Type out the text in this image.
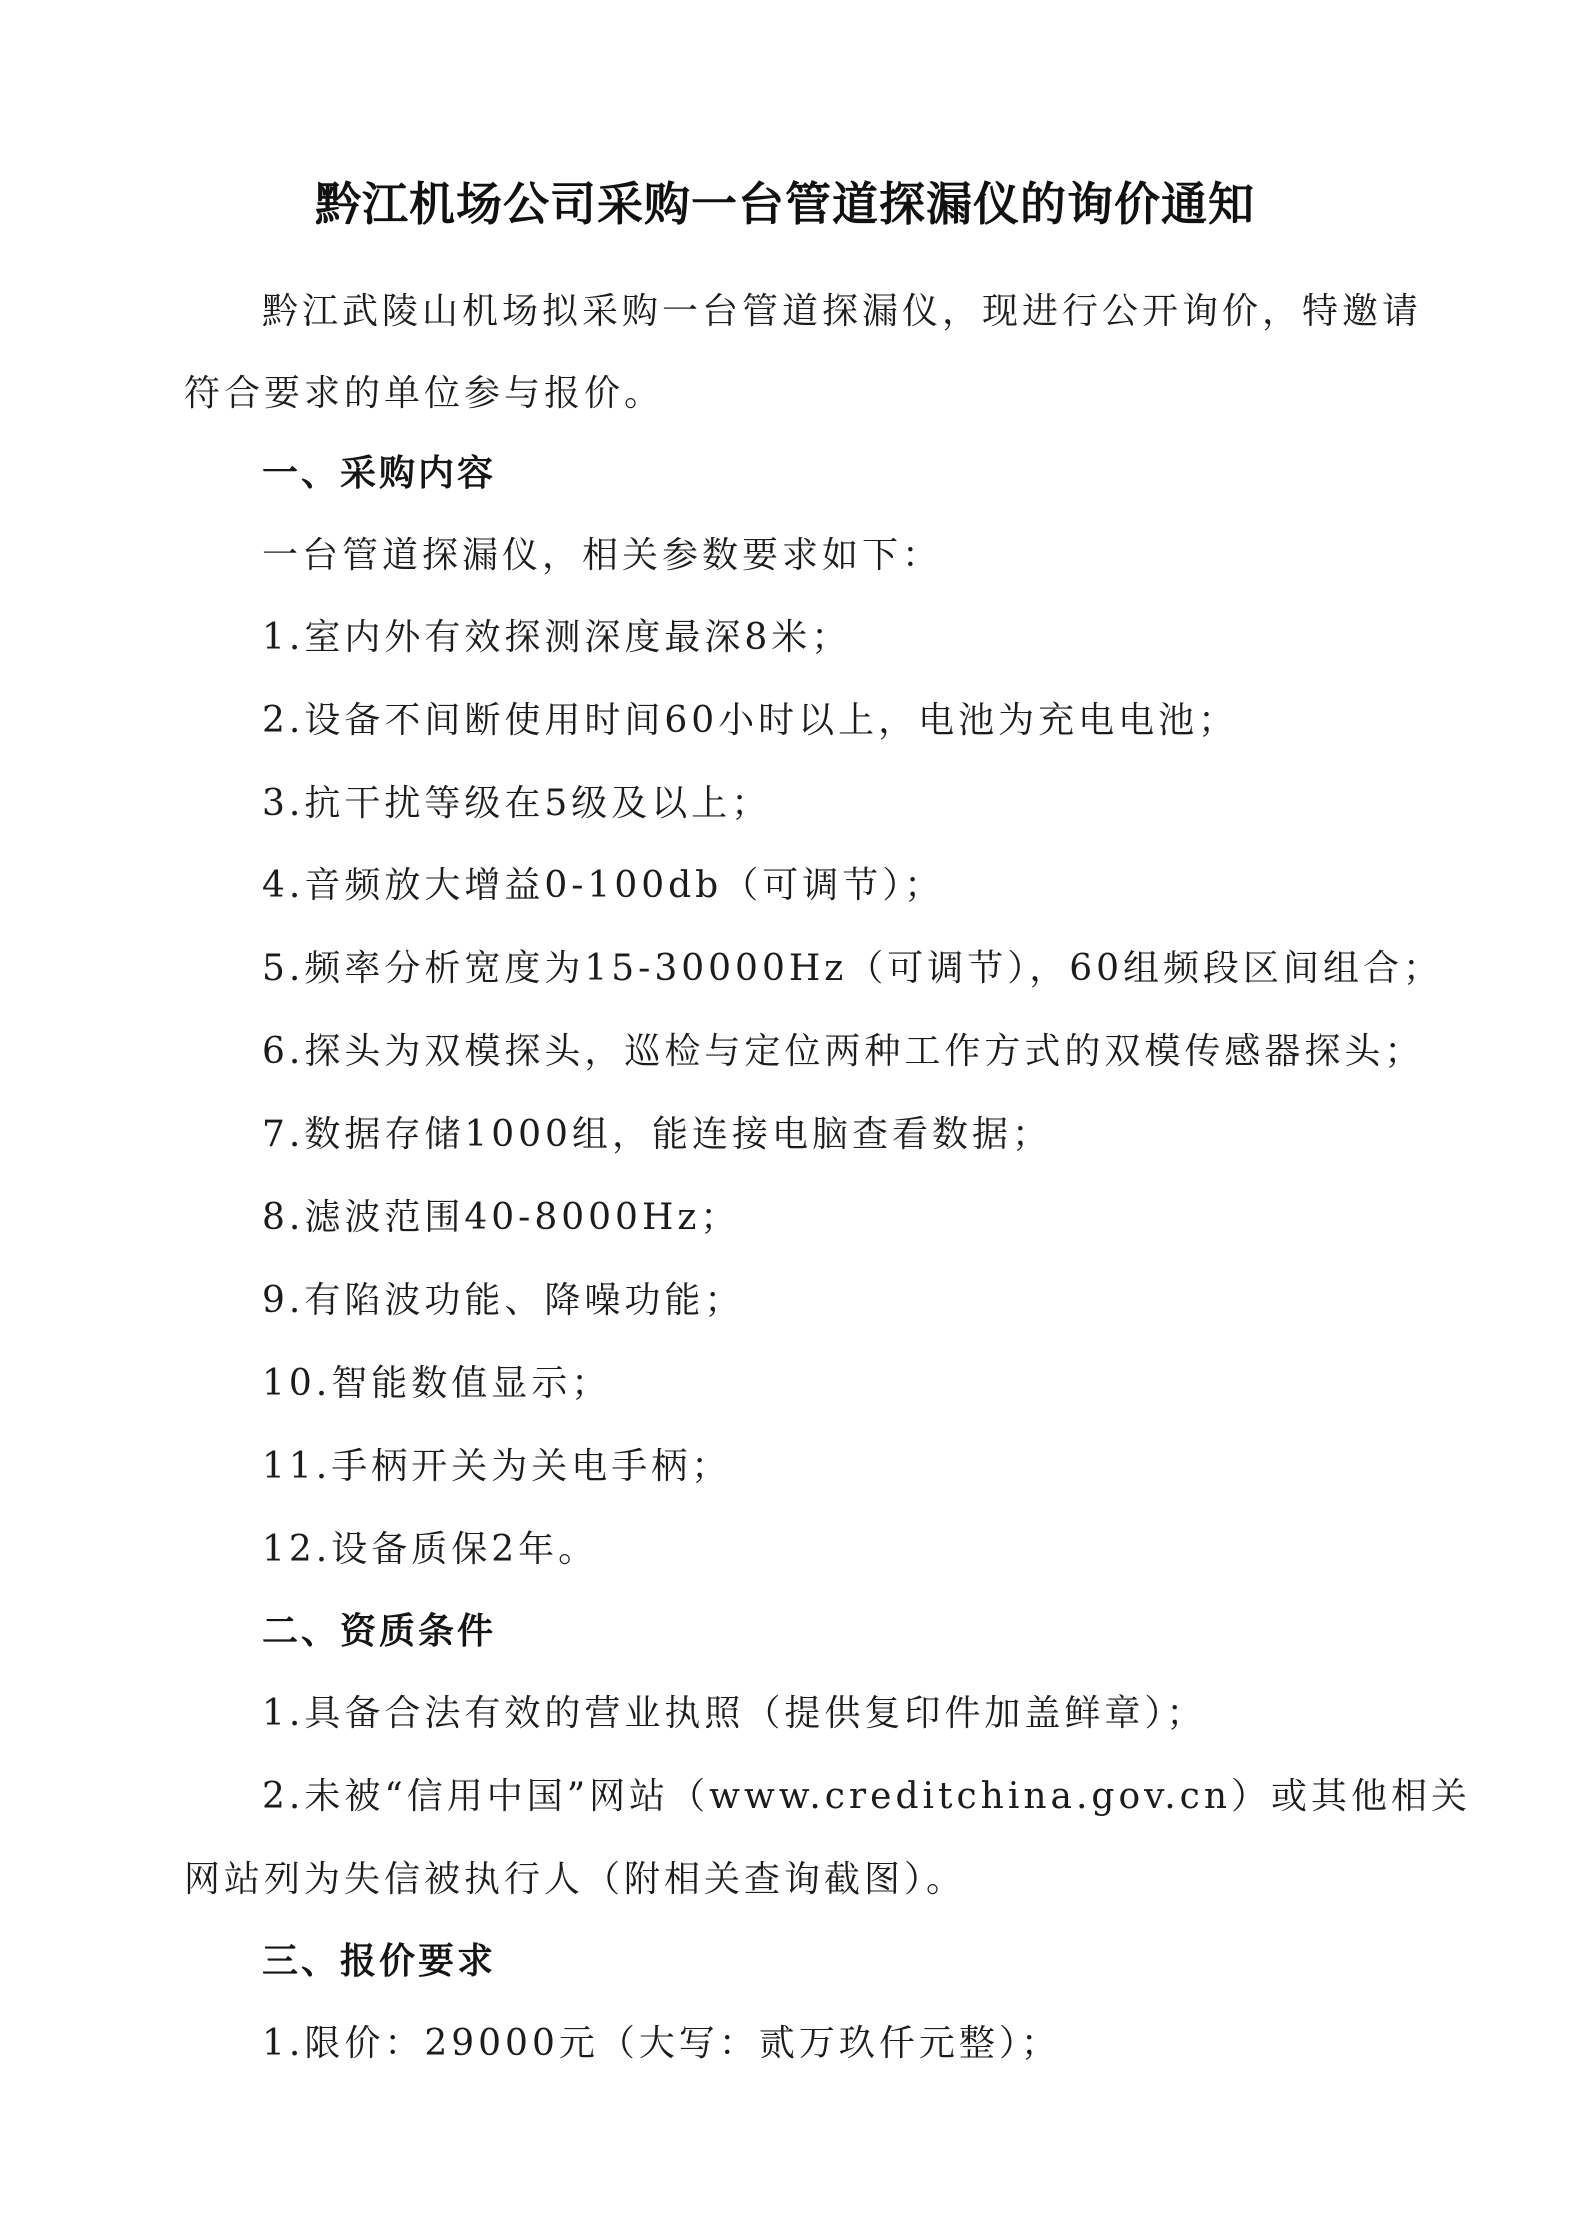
黔江机场公司采购一台管道探漏仪的询价通知
黔江武陵山机场拟采购一台管道探漏仪，现进行公开询价，特邀请
符合要求的单位参与报价。
一、采购内容
一台管道探漏仪，相关参数要求如下：
1.室内外有效探测深度最深8米；
2.设备不间断使用时间60小时以上，电池为充电电池；
3.抗干扰等级在5级及以上；
4.音频放大增益0-100db（可调节）；
5.频率分析宽度为15-30000Hz（可调节），60组频段区间组合；
6.探头为双模探头，巡检与定位两种工作方式的双模传感器探头；
7.数据存储1000组，能连接电脑查看数据；
8.滤波范围40-8000Hz；
9.有陷波功能、降噪功能；
10.智能数值显示；
11.手柄开关为关电手柄；
12.设备质保2年。
二、资质条件
1.具备合法有效的营业执照（提供复印件加盖鲜章）；
2.未被“信用中国”网站（www.creditchina.gov.cn）或其他相关
网站列为失信被执行人（附相关查询截图）。
三、报价要求
1.限价：29000元（大写：贰万玖仟元整）；
